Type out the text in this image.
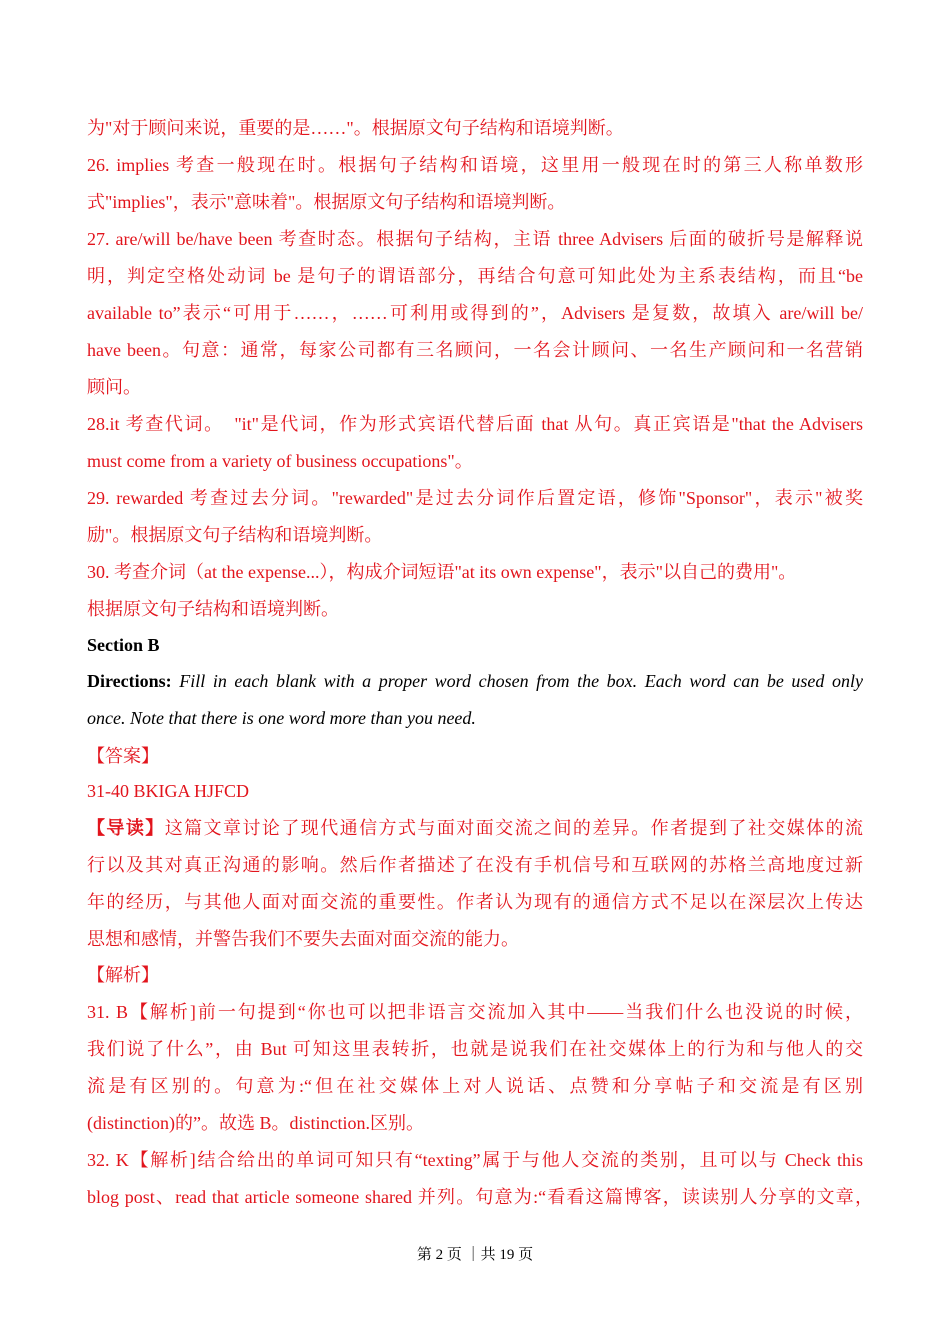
为"对于顾问来说，重要的是……"。根据原文句子结构和语境判断。
26. implies 考查一般现在时。根据句子结构和语境，这里用一般现在时的第三人称单数形
式"implies"，表示"意味着"。根据原文句子结构和语境判断。
27. are/will be/have been 考查时态。根据句子结构，主语 three Advisers 后面的破折号是解释说
明，判定空格处动词 be 是句子的谓语部分，再结合句意可知此处为主系表结构，而且“be
available to”表示“可用于……，……可利用或得到的”，Advisers 是复数，故填入 are/will be/
have been。句意：通常，每家公司都有三名顾问，一名会计顾问、一名生产顾问和一名营销
顾问。
28.it 考查代词。　"it"是代词，作为形式宾语代替后面 that 从句。真正宾语是"that the Advisers
must come from a variety of business occupations"。
29. rewarded 考查过去分词。"rewarded"是过去分词作后置定语，修饰"Sponsor"，表示"被奖
励"。根据原文句子结构和语境判断。
30. 考查介词（at the expense...），构成介词短语"at its own expense"，表示"以自己的费用"。
根据原文句子结构和语境判断。
Section B
Directions: Fill in each blank with a proper word chosen from the box. Each word can be used only
once. Note that there is one word more than you need.
【答案】
31-40 BKIGA HJFCD
【导读】这篇文章讨论了现代通信方式与面对面交流之间的差异。作者提到了社交媒体的流
行以及其对真正沟通的影响。然后作者描述了在没有手机信号和互联网的苏格兰高地度过新
年的经历，与其他人面对面交流的重要性。作者认为现有的通信方式不足以在深层次上传达
思想和感情，并警告我们不要失去面对面交流的能力。
【解析】
31. B【解析]前一句提到“你也可以把非语言交流加入其中——当我们什么也没说的时候，
我们说了什么”，由 But 可知这里表转折，也就是说我们在社交媒体上的行为和与他人的交
流是有区别的。句意为:“但在社交媒体上对人说话、点赞和分享帖子和交流是有区别
(distinction)的”。故选 B。distinction.区别。
32. K【解析]结合给出的单词可知只有“texting”属于与他人交流的类别，且可以与 Check this
blog post、read that article someone shared 并列。句意为:“看看这篇博客，读读别人分享的文章，
第 2 页 ｜共 19 页
